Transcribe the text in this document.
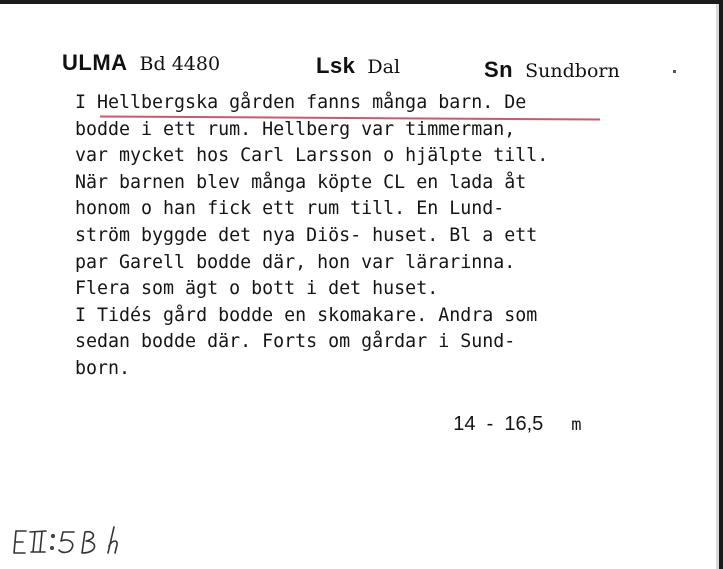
ULMA Bd 4480	Lsk Dal	Sn Sundborn
I Hellbergska gården fanns många barn. De
bodde i ett rum. Hellberg var timmerman,
var mycket hos Carl Larsson o hjälpte till.
När barnen blev många köpte CL en lada åt
honom o han fick ett rum till. En Lund-
ström byggde det nya Diös- huset. Bl a ett
par Garell bodde där, hon var lärarinna.
Flera som ägt o bott i det huset.
I Tidés gård bodde en skomakare. Andra som
sedan bodde där. Forts om gårdar i Sund-
born.

14  -  16,5 m
